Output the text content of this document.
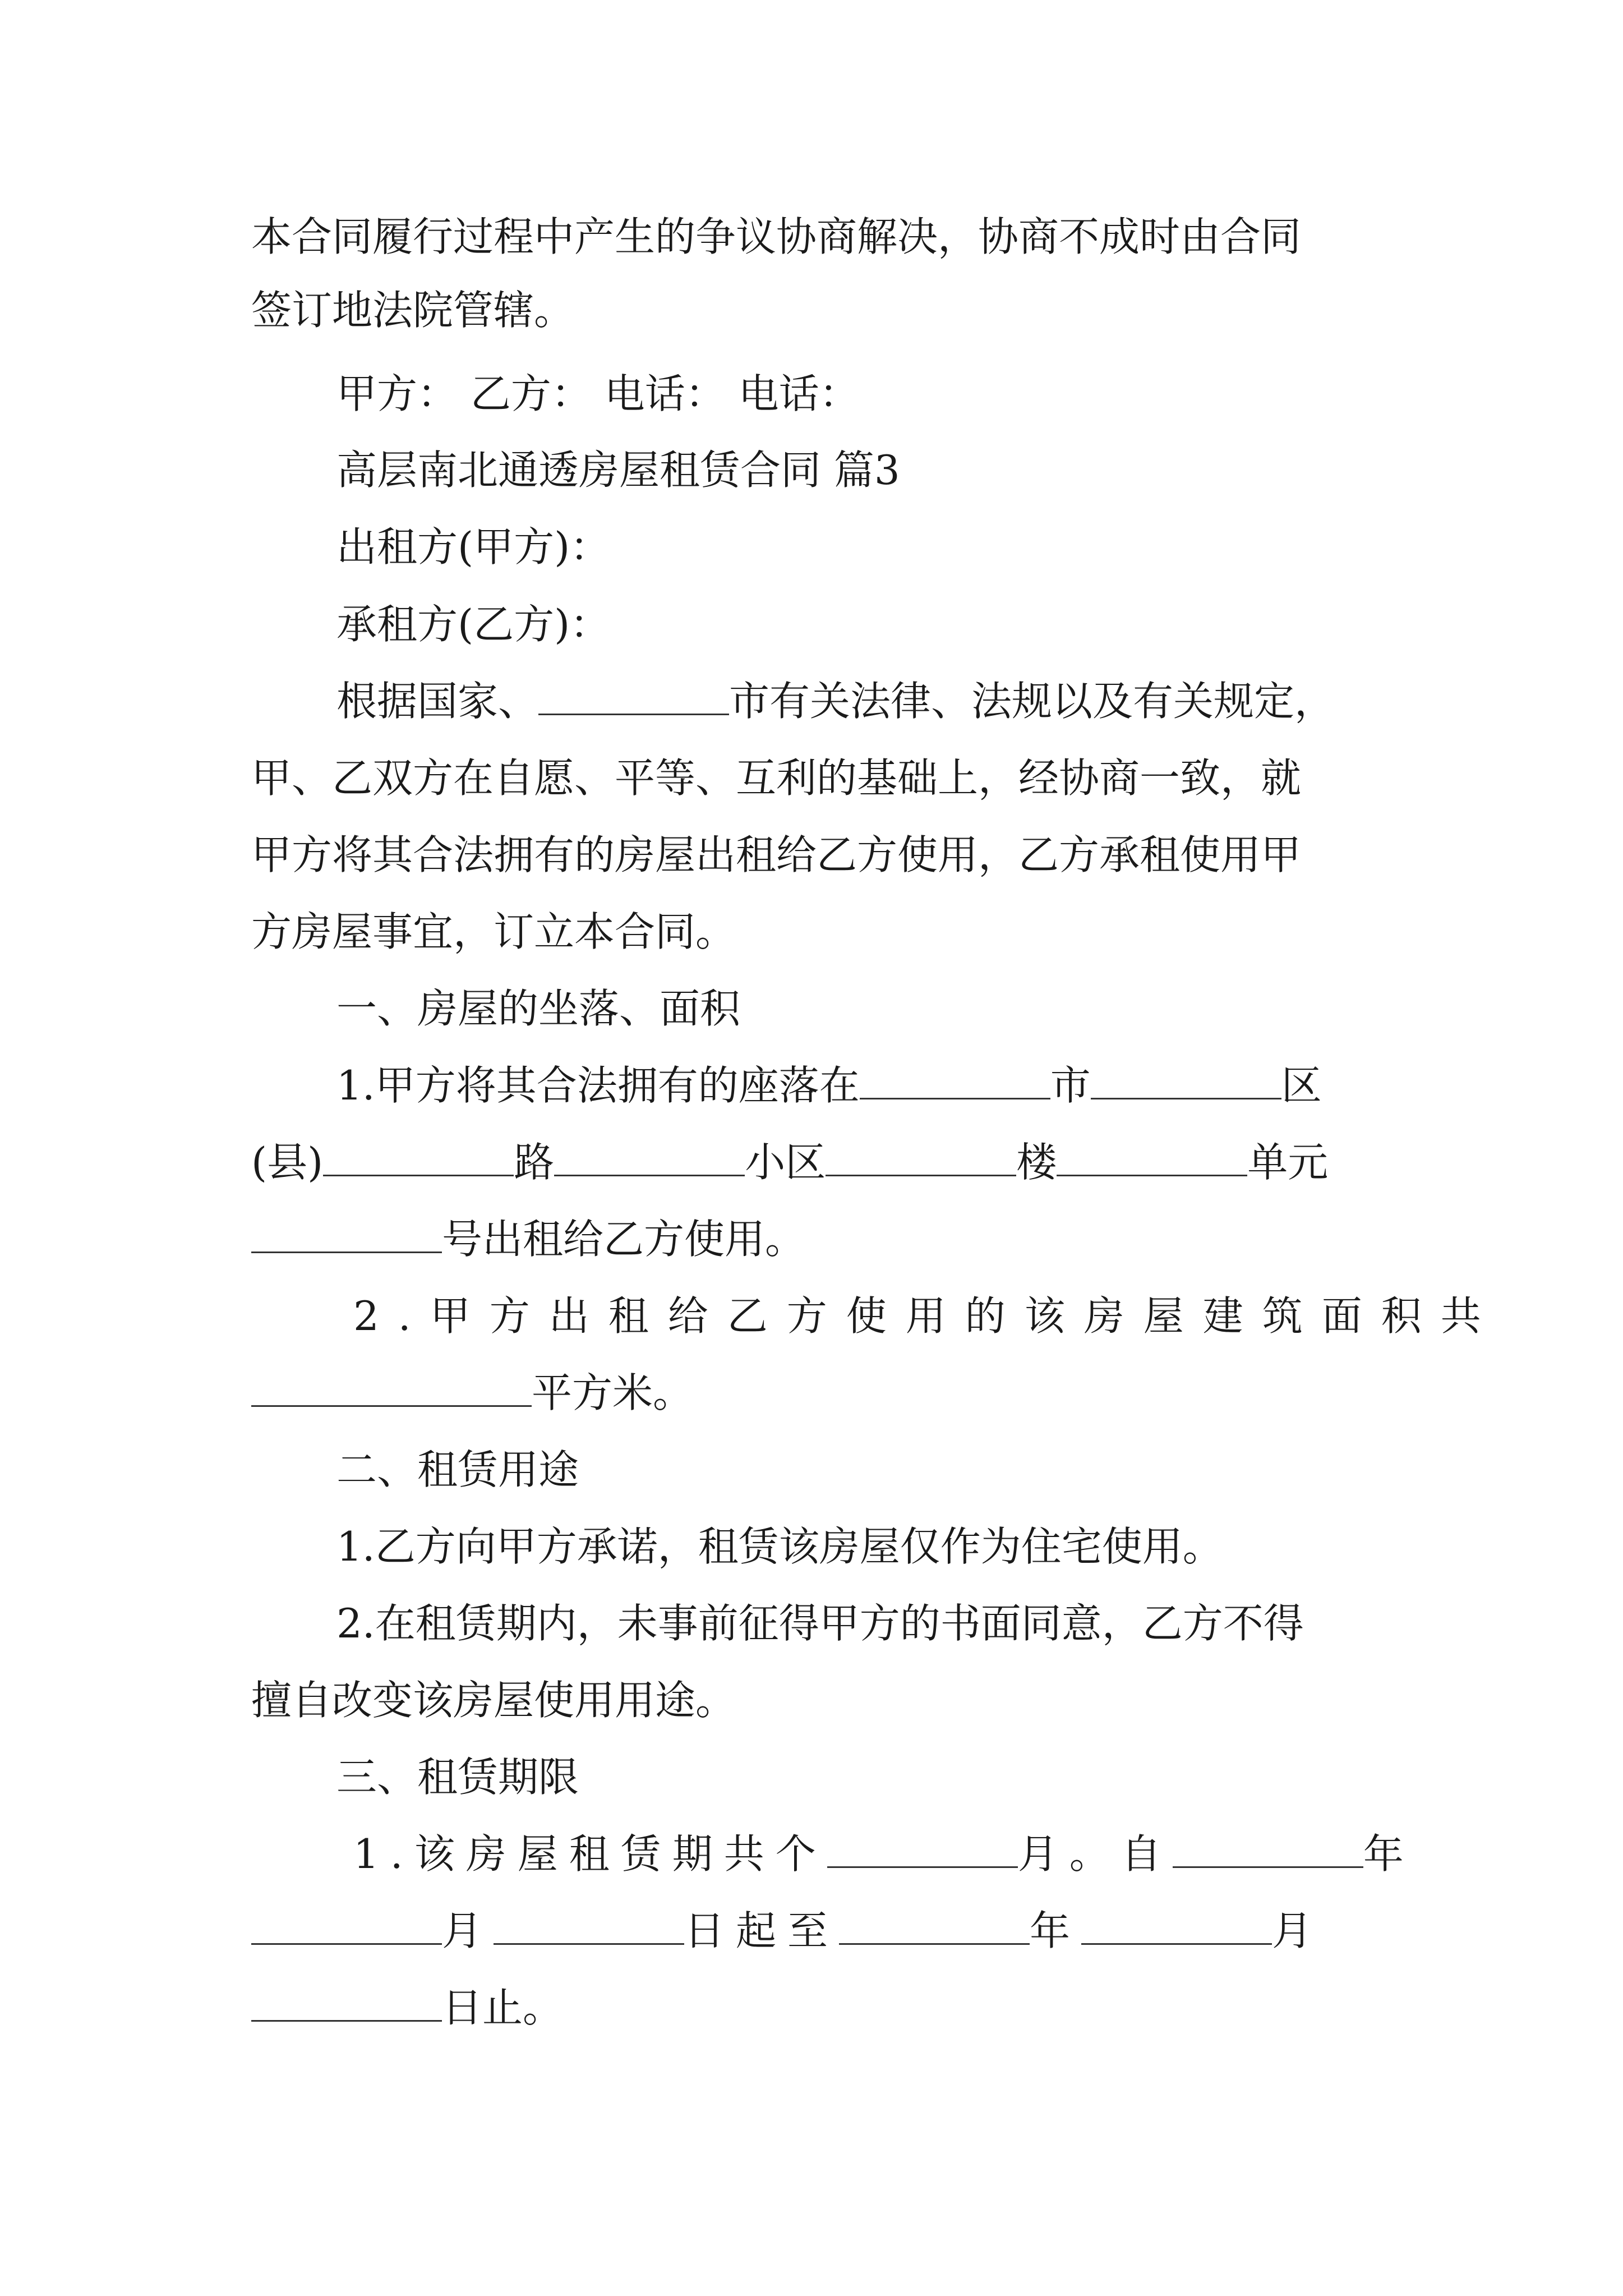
本合同履行过程中产生的争议协商解决，协商不成时由合同
签订地法院管辖。
甲方： 乙方： 电话： 电话：
高层南北通透房屋租赁合同 篇3
出租方(甲方)：
承租方(乙方)：
根据国家、	市有关法律、法规以及有关规定，
甲、乙双方在自愿、平等、互利的基础上，经协商一致，就
甲方将其合法拥有的房屋出租给乙方使用，乙方承租使用甲
方房屋事宜，订立本合同。
一、房屋的坐落、面积
1.甲方将其合法拥有的座落在	市	区
(县)	路	小区	楼	单元
号出租给乙方使用。
2.甲方出租给乙方使用的该房屋建筑面积共
平方米。
二、租赁用途
1.乙方向甲方承诺，租赁该房屋仅作为住宅使用。
2.在租赁期内，未事前征得甲方的书面同意，乙方不得
擅自改变该房屋使用用途。
三、租赁期限
1.该房屋租赁期共个	月。自	年
月	日起至	年	月
日止。
